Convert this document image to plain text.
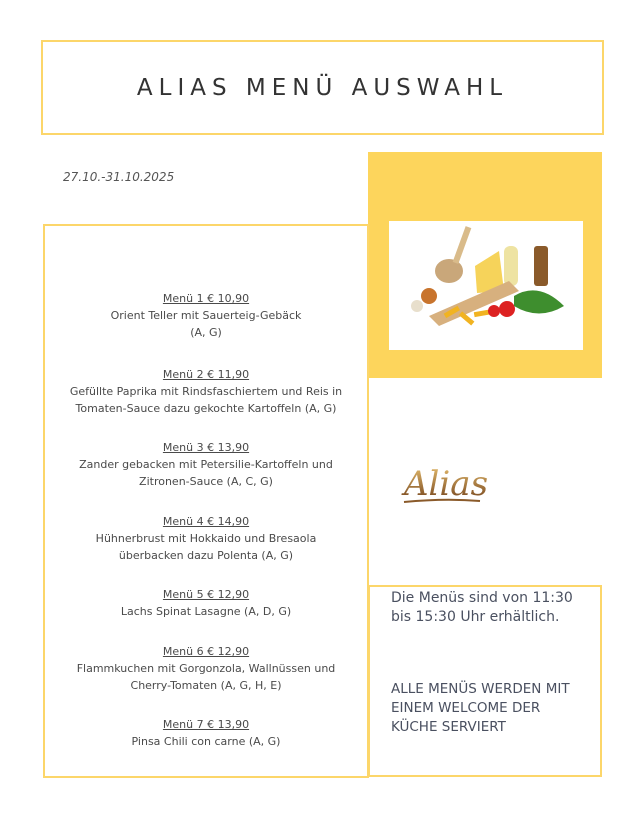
ALIAS MENÜ AUSWAHL
27.10.-31.10.2025
Menü 1 € 10,90
Orient Teller mit Sauerteig-Gebäck
(A, G)
Menü 2 € 11,90
Gefüllte Paprika mit Rindsfaschiertem und Reis in
Tomaten-Sauce dazu gekochte Kartoffeln (A, G)
Menü 3 € 13,90
Zander gebacken mit Petersilie-Kartoffeln und
Zitronen-Sauce (A, C, G)
Menü 4 € 14,90
Hühnerbrust mit Hokkaido und Bresaola
überbacken dazu Polenta (A, G)
Menü 5 € 12,90
Lachs Spinat Lasagne (A, D, G)
Menü 6 € 12,90
Flammkuchen mit Gorgonzola, Wallnüssen und
Cherry-Tomaten (A, G, H, E)
Menü 7 € 13,90
Pinsa Chili con carne (A, G)
Alias
Die Menüs sind von 11:30 bis 15:30 Uhr erhältlich.
ALLE MENÜS WERDEN MIT EINEM WELCOME DER KÜCHE SERVIERT
